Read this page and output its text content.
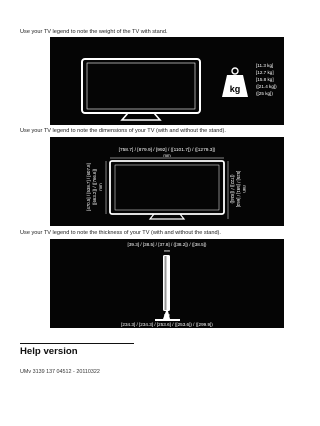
Use your TV legend to note the weight of the TV with stand.
kg
[11.3 kg]
[12.7 kg]
[15.8 kg]
([21.4 kg])
([25 kg])
Use your TV legend to note the dimensions of your TV (with and without the stand).
[758.7] / [879.9] / [992] / ([1101.7]) / ([1279.3])
mm
[470.5] / [538.7] / [607.8] ([663.2]) / ([766.6]) mm	mm
[525] / [591] / [663]
([722]) / ([834])
Use your TV legend to note the thickness of your TV (with and without the stand).
[39.3] / [38.5] / [37.8] / ([38.2]) / ([38.5])
mm
mm
[234.3] / [234.3] / [253.6] / ([253.6]) / ([299.9])
Help version
UMv 3139 137 04512 - 20110322
